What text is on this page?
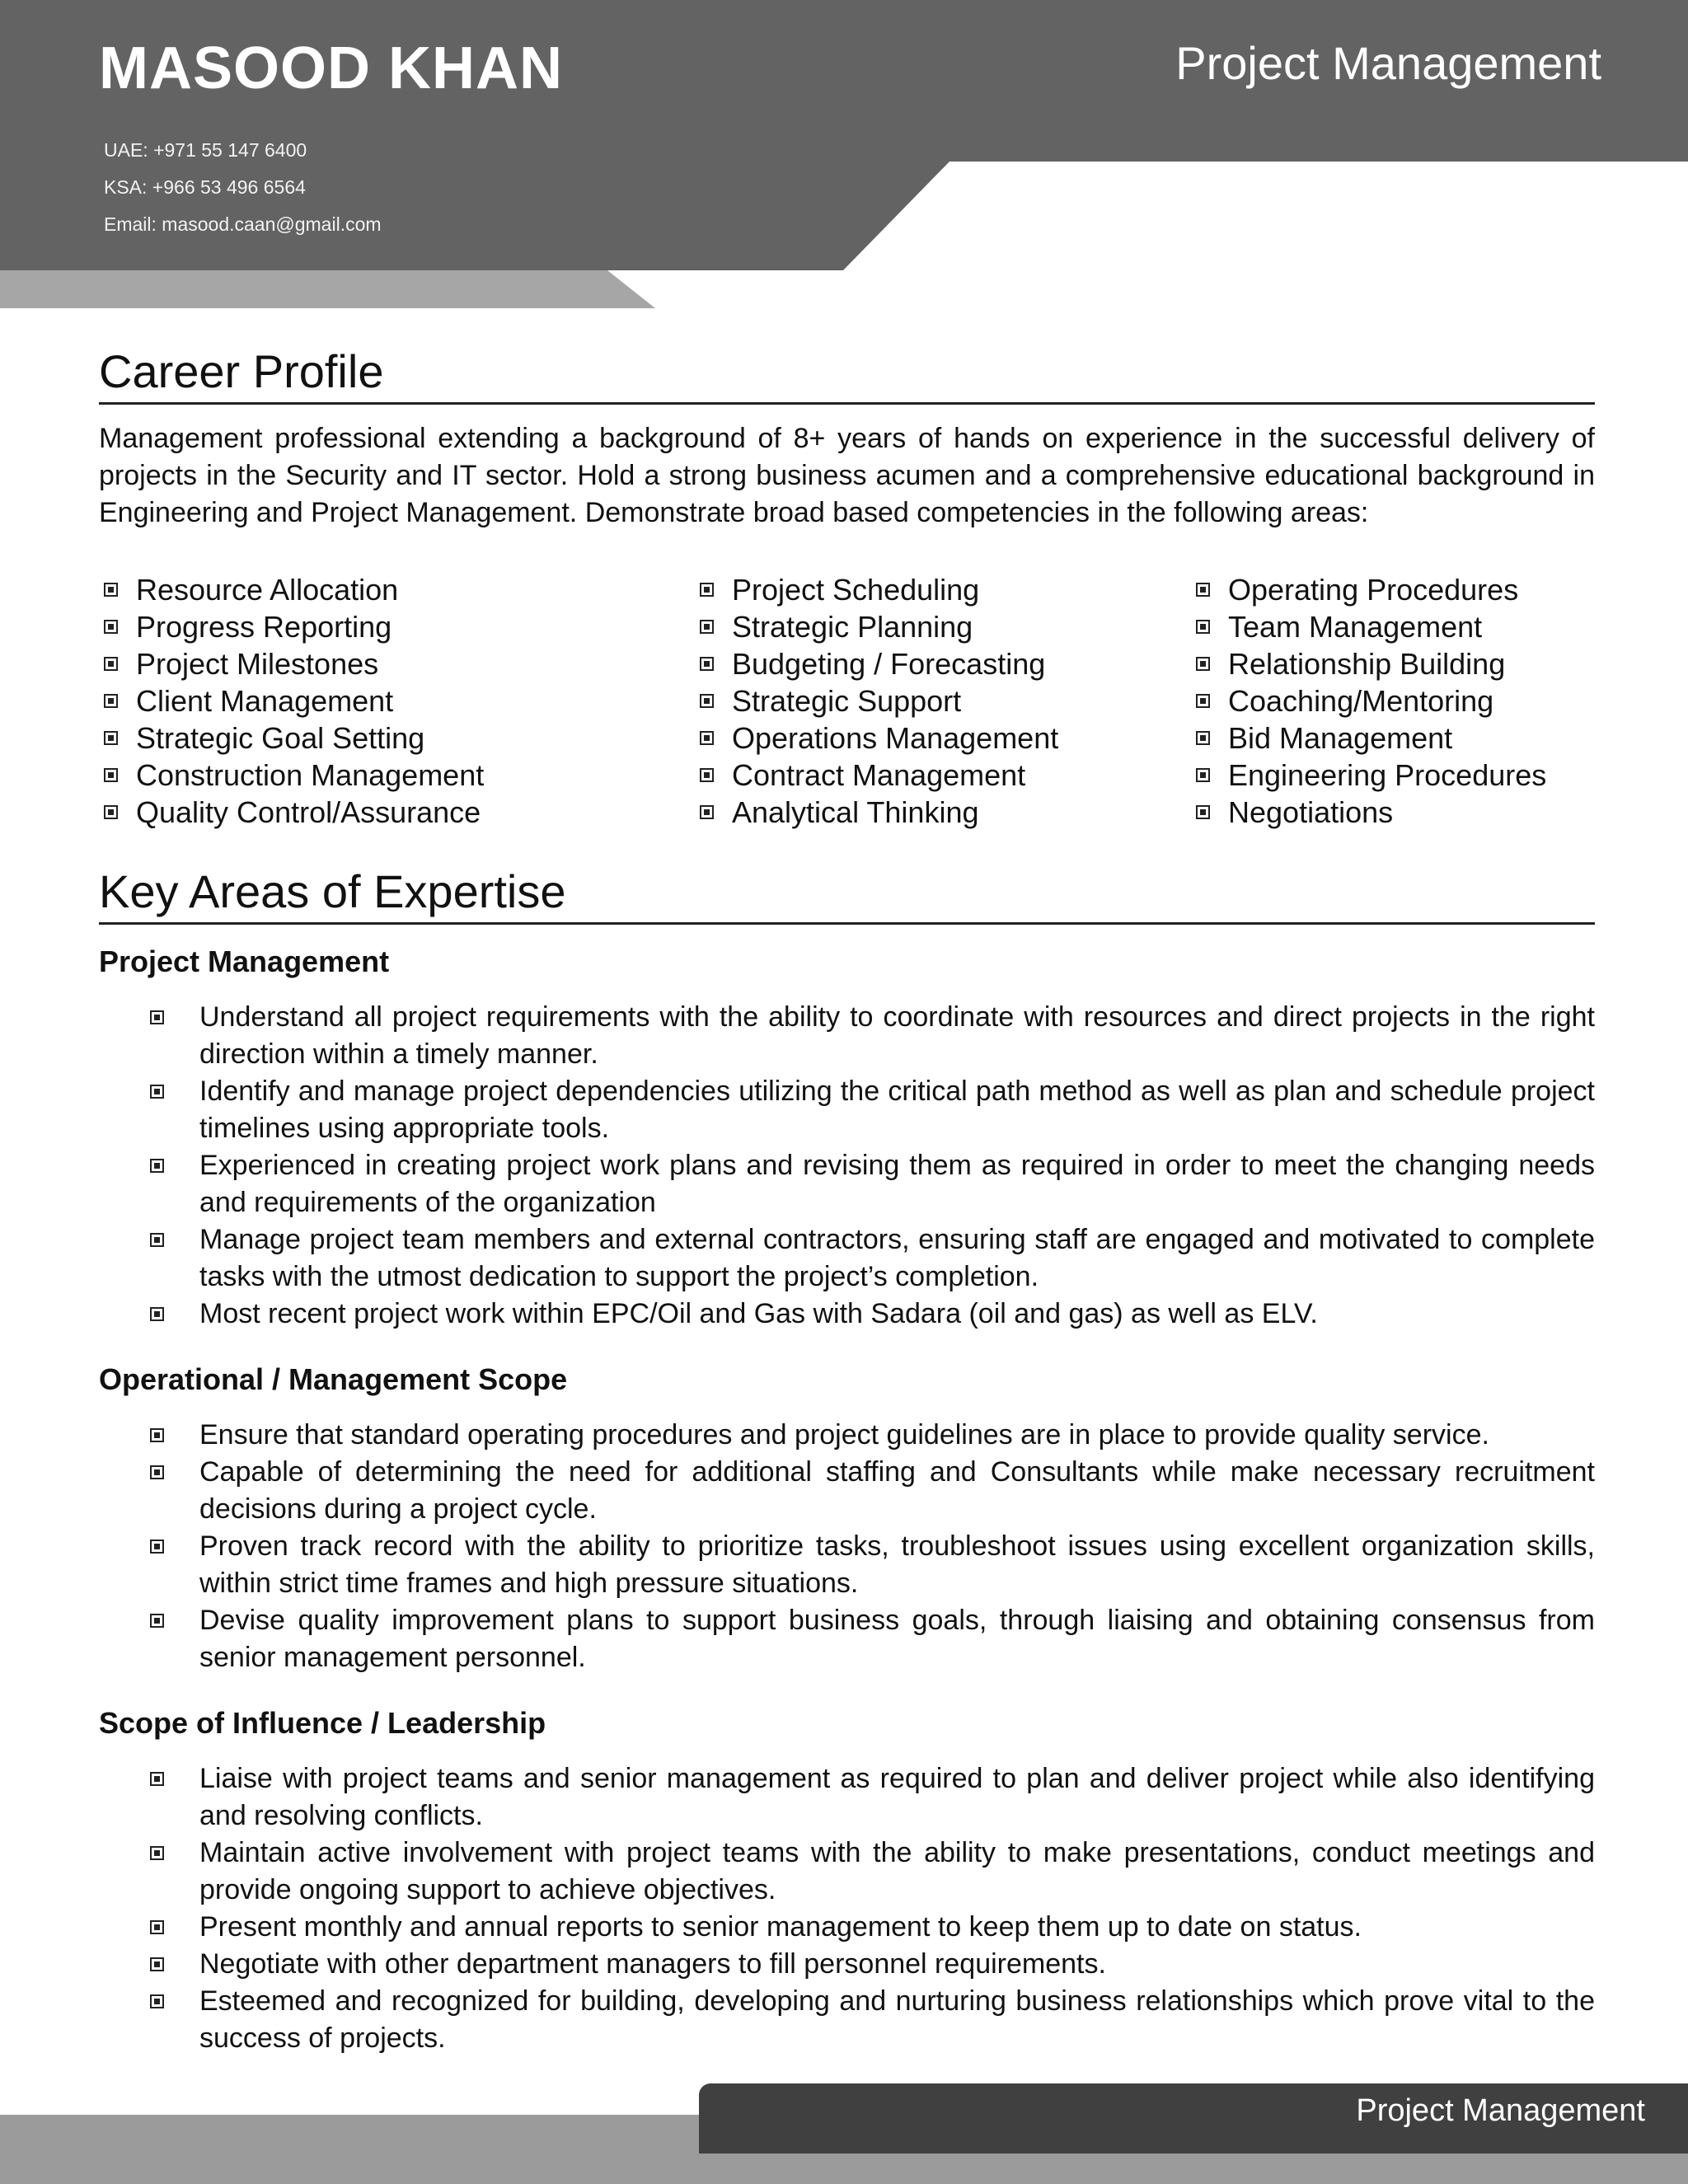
MASOOD KHAN	Project Management
UAE: +971 55 147 6400
KSA: +966 53 496 6564
Email: masood.caan@gmail.com
Career Profile
Management professional extending a background of 8+ years of hands on experience in the successful delivery of projects in the Security and IT sector. Hold a strong business acumen and a comprehensive educational background in Engineering and Project Management. Demonstrate broad based competencies in the following areas:
Resource Allocation
Progress Reporting
Project Milestones
Client Management
Strategic Goal Setting
Construction Management
Quality Control/Assurance
Project Scheduling
Strategic Planning
Budgeting / Forecasting
Strategic Support
Operations Management
Contract Management
Analytical Thinking
Operating Procedures
Team Management
Relationship Building
Coaching/Mentoring
Bid Management
Engineering Procedures
Negotiations
Key Areas of Expertise
Project Management
Understand all project requirements with the ability to coordinate with resources and direct projects in the right direction within a timely manner.
Identify and manage project dependencies utilizing the critical path method as well as plan and schedule project timelines using appropriate tools.
Experienced in creating project work plans and revising them as required in order to meet the changing needs and requirements of the organization
Manage project team members and external contractors, ensuring staff are engaged and motivated to complete tasks with the utmost dedication to support the project’s completion.
Most recent project work within EPC/Oil and Gas with Sadara (oil and gas) as well as ELV.
Operational / Management Scope
Ensure that standard operating procedures and project guidelines are in place to provide quality service.
Capable of determining the need for additional staffing and Consultants while make necessary recruitment decisions during a project cycle.
Proven track record with the ability to prioritize tasks, troubleshoot issues using excellent organization skills, within strict time frames and high pressure situations.
Devise quality improvement plans to support business goals, through liaising and obtaining consensus from senior management personnel.
Scope of Influence / Leadership
Liaise with project teams and senior management as required to plan and deliver project while also identifying and resolving conflicts.
Maintain active involvement with project teams with the ability to make presentations, conduct meetings and provide ongoing support to achieve objectives.
Present monthly and annual reports to senior management to keep them up to date on status.
Negotiate with other department managers to fill personnel requirements.
Esteemed and recognized for building, developing and nurturing business relationships which prove vital to the success of projects.
Project Management
